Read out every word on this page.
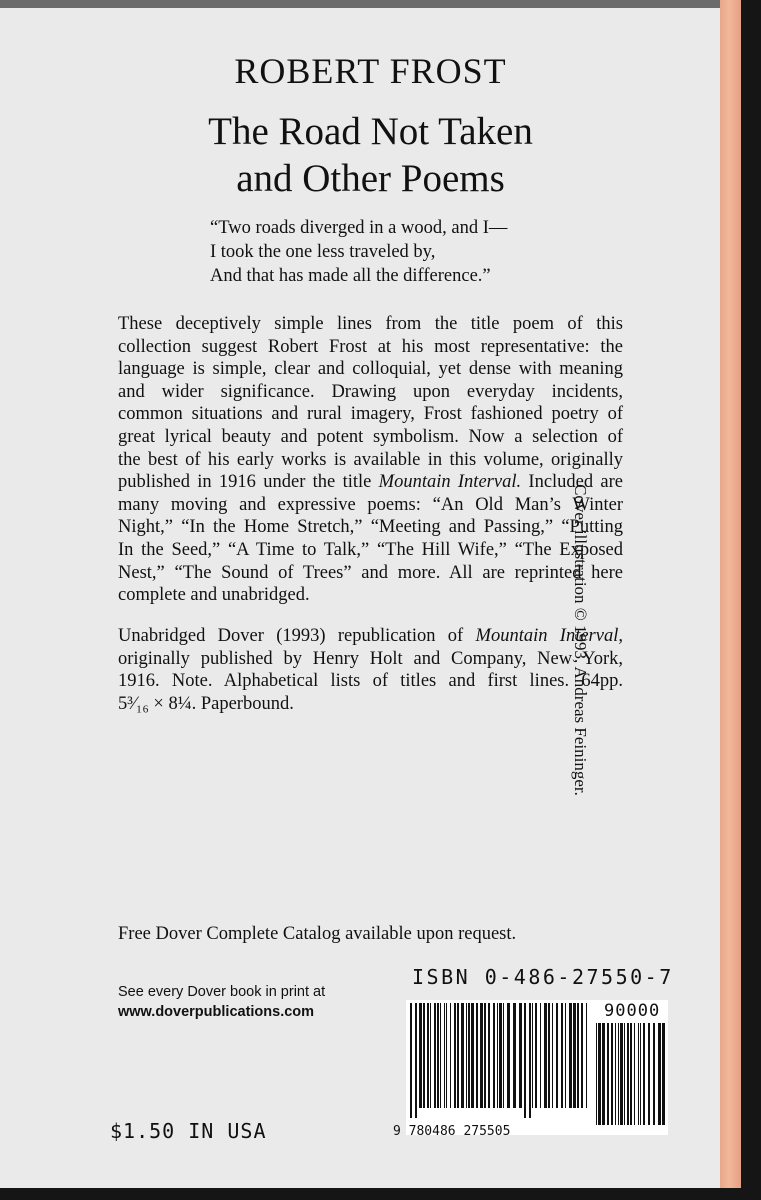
ROBERT FROST
The Road Not Taken
and Other Poems
“Two roads diverged in a wood, and I—
I took the one less traveled by,
And that has made all the difference.”
These deceptively simple lines from the title poem of this
collection suggest Robert Frost at his most representative: the
language is simple, clear and colloquial, yet dense with meaning
and wider significance. Drawing upon everyday incidents,
common situations and rural imagery, Frost fashioned poetry of
great lyrical beauty and potent symbolism. Now a selection of
the best of his early works is available in this volume, originally
published in 1916 under the title Mountain Interval. Included are
many moving and expressive poems: “An Old Man’s Winter
Night,” “In the Home Stretch,” “Meeting and Passing,” “Putting
In the Seed,” “A Time to Talk,” “The Hill Wife,” “The Exposed
Nest,” “The Sound of Trees” and more. All are reprinted here
complete and unabridged.
Unabridged Dover (1993) republication of Mountain Interval,
originally published by Henry Holt and Company, New York,
1916. Note. Alphabetical lists of titles and first lines. 64pp.
5³⁄₁₆ × 8¼. Paperbound.	Cover illustration © 1993, Andreas Feininger.
Free Dover Complete Catalog available upon request.
See every Dover book in print at
www.doverpublications.com
$1.50 IN USA
ISBN 0-486-27550-7
90000
9 780486 275505
